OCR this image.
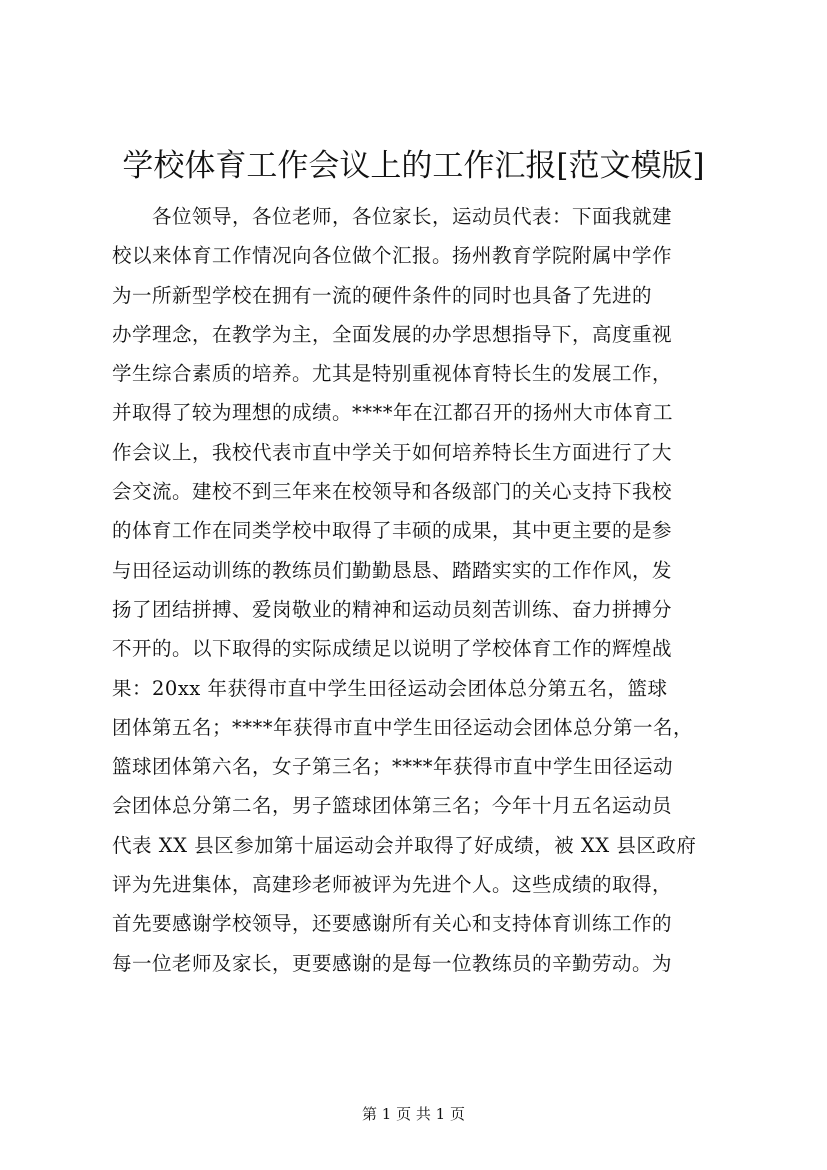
学校体育工作会议上的工作汇报[范文模版]
各位领导，各位老师，各位家长，运动员代表：下面我就建
校以来体育工作情况向各位做个汇报。扬州教育学院附属中学作
为一所新型学校在拥有一流的硬件条件的同时也具备了先进的
办学理念，在教学为主，全面发展的办学思想指导下，高度重视
学生综合素质的培养。尤其是特别重视体育特长生的发展工作，
并取得了较为理想的成绩。****年在江都召开的扬州大市体育工
作会议上，我校代表市直中学关于如何培养特长生方面进行了大
会交流。建校不到三年来在校领导和各级部门的关心支持下我校
的体育工作在同类学校中取得了丰硕的成果，其中更主要的是参
与田径运动训练的教练员们勤勤恳恳、踏踏实实的工作作风，发
扬了团结拼搏、爱岗敬业的精神和运动员刻苦训练、奋力拼搏分
不开的。以下取得的实际成绩足以说明了学校体育工作的辉煌战
果：20xx 年获得市直中学生田径运动会团体总分第五名，篮球
团体第五名；****年获得市直中学生田径运动会团体总分第一名，
篮球团体第六名，女子第三名；****年获得市直中学生田径运动
会团体总分第二名，男子篮球团体第三名；今年十月五名运动员
代表 XX 县区参加第十届运动会并取得了好成绩，被 XX 县区政府
评为先进集体，高建珍老师被评为先进个人。这些成绩的取得，
首先要感谢学校领导，还要感谢所有关心和支持体育训练工作的
每一位老师及家长，更要感谢的是每一位教练员的辛勤劳动。为
第 1 页 共 1 页
